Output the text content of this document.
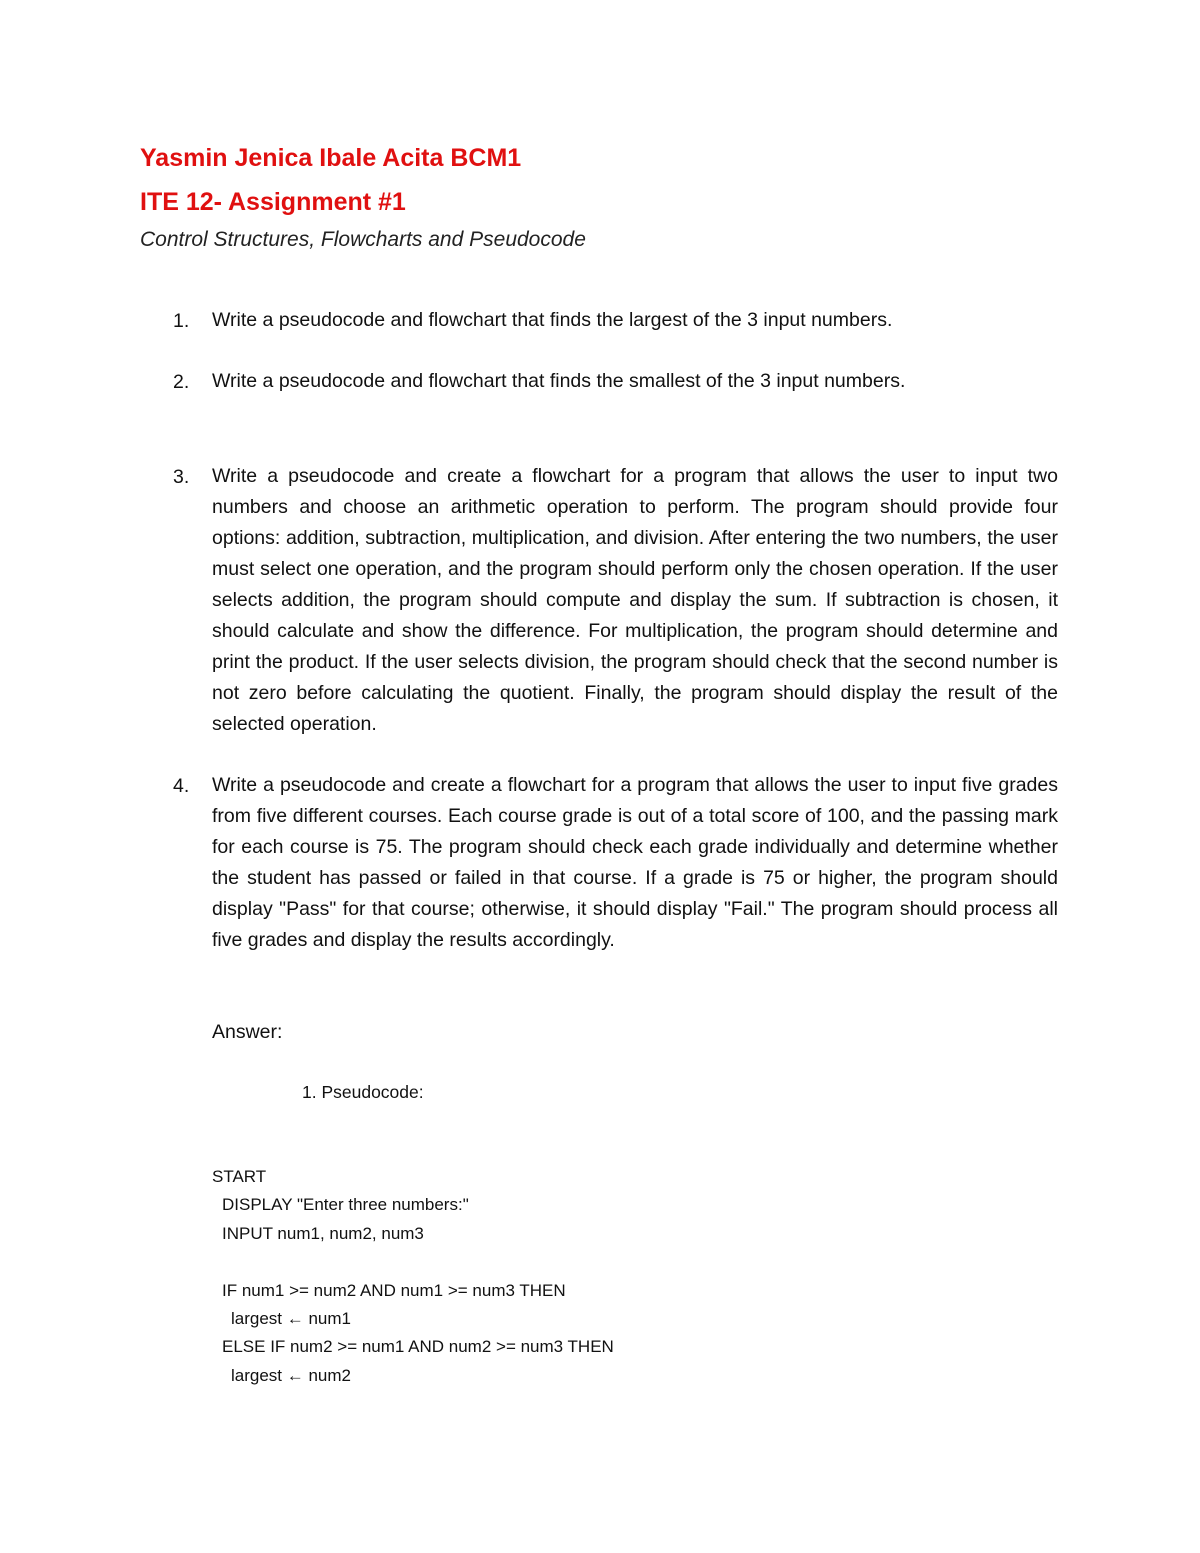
Yasmin Jenica Ibale Acita BCM1
ITE 12- Assignment #1
Control Structures, Flowcharts and Pseudocode
1. Write a pseudocode and flowchart that finds the largest of the 3 input numbers.
2. Write a pseudocode and flowchart that finds the smallest of the 3 input numbers.
3. Write a pseudocode and create a flowchart for a program that allows the user to input two numbers and choose an arithmetic operation to perform. The program should provide four options: addition, subtraction, multiplication, and division. After entering the two numbers, the user must select one operation, and the program should perform only the chosen operation. If the user selects addition, the program should compute and display the sum. If subtraction is chosen, it should calculate and show the difference. For multiplication, the program should determine and print the product. If the user selects division, the program should check that the second number is not zero before calculating the quotient. Finally, the program should display the result of the selected operation.
4. Write a pseudocode and create a flowchart for a program that allows the user to input five grades from five different courses. Each course grade is out of a total score of 100, and the passing mark for each course is 75. The program should check each grade individually and determine whether the student has passed or failed in that course. If a grade is 75 or higher, the program should display "Pass" for that course; otherwise, it should display "Fail." The program should process all five grades and display the results accordingly.
Answer:
1. Pseudocode:
START
DISPLAY "Enter three numbers:"
INPUT num1, num2, num3
IF num1 >= num2 AND num1 >= num3 THEN
largest ← num1
ELSE IF num2 >= num1 AND num2 >= num3 THEN
largest ← num2
